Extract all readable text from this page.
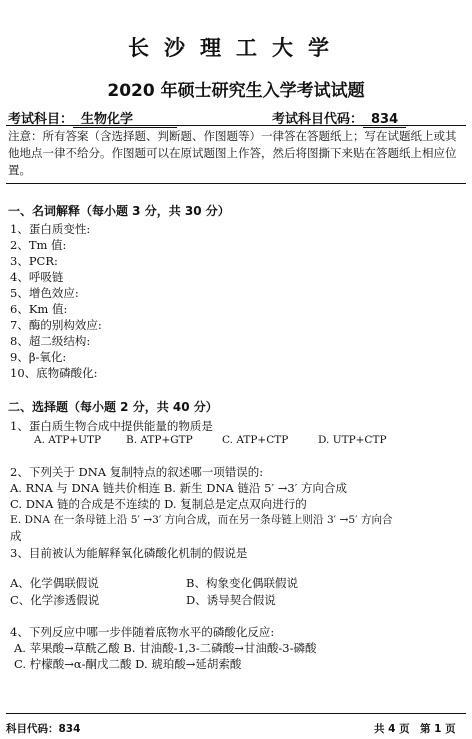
长沙理工大学
2020 年硕士研究生入学考试试题
考试科目： 生物化学	考试科目代码： 834
注意：所有答案（含选择题、判断题、作图题等）一律答在答题纸上；写在试题纸上或其他地点一律不给分。作图题可以在原试题图上作答，然后将图撕下来贴在答题纸上相应位置。
一、名词解释（每小题 3 分，共 30 分）
1、蛋白质变性:
2、Tm 值:
3、PCR:
4、呼吸链
5、增色效应:
6、Km 值:
7、酶的别构效应:
8、超二级结构:
9、β-氧化:
10、底物磷酸化:
二、选择题（每小题 2 分，共 40 分）
1、蛋白质生物合成中提供能量的物质是
A. ATP+UTP B. ATP+GTP	C. ATP+CTP	D. UTP+CTP
2、下列关于 DNA 复制特点的叙述哪一项错误的:
A. RNA 与 DNA 链共价相连 B. 新生 DNA 链沿 5′ →3′ 方向合成
C. DNA 链的合成是不连续的 D. 复制总是定点双向进行的
E. DNA 在一条母链上沿 5′ →3′ 方向合成，而在另一条母链上则沿 3′ →5′ 方向合
成
3、目前被认为能解释氧化磷酸化机制的假说是
A、化学偶联假说	B、构象变化偶联假说
C、化学渗透假说	D、诱导契合假说
4、下列反应中哪一步伴随着底物水平的磷酸化反应:
A. 苹果酸→草酰乙酸 B. 甘油酸-1,3-二磷酸→甘油酸-3-磷酸
C. 柠檬酸→α-酮戊二酸 D. 琥珀酸→延胡索酸
科目代码：834	共 4 页 第 1 页
